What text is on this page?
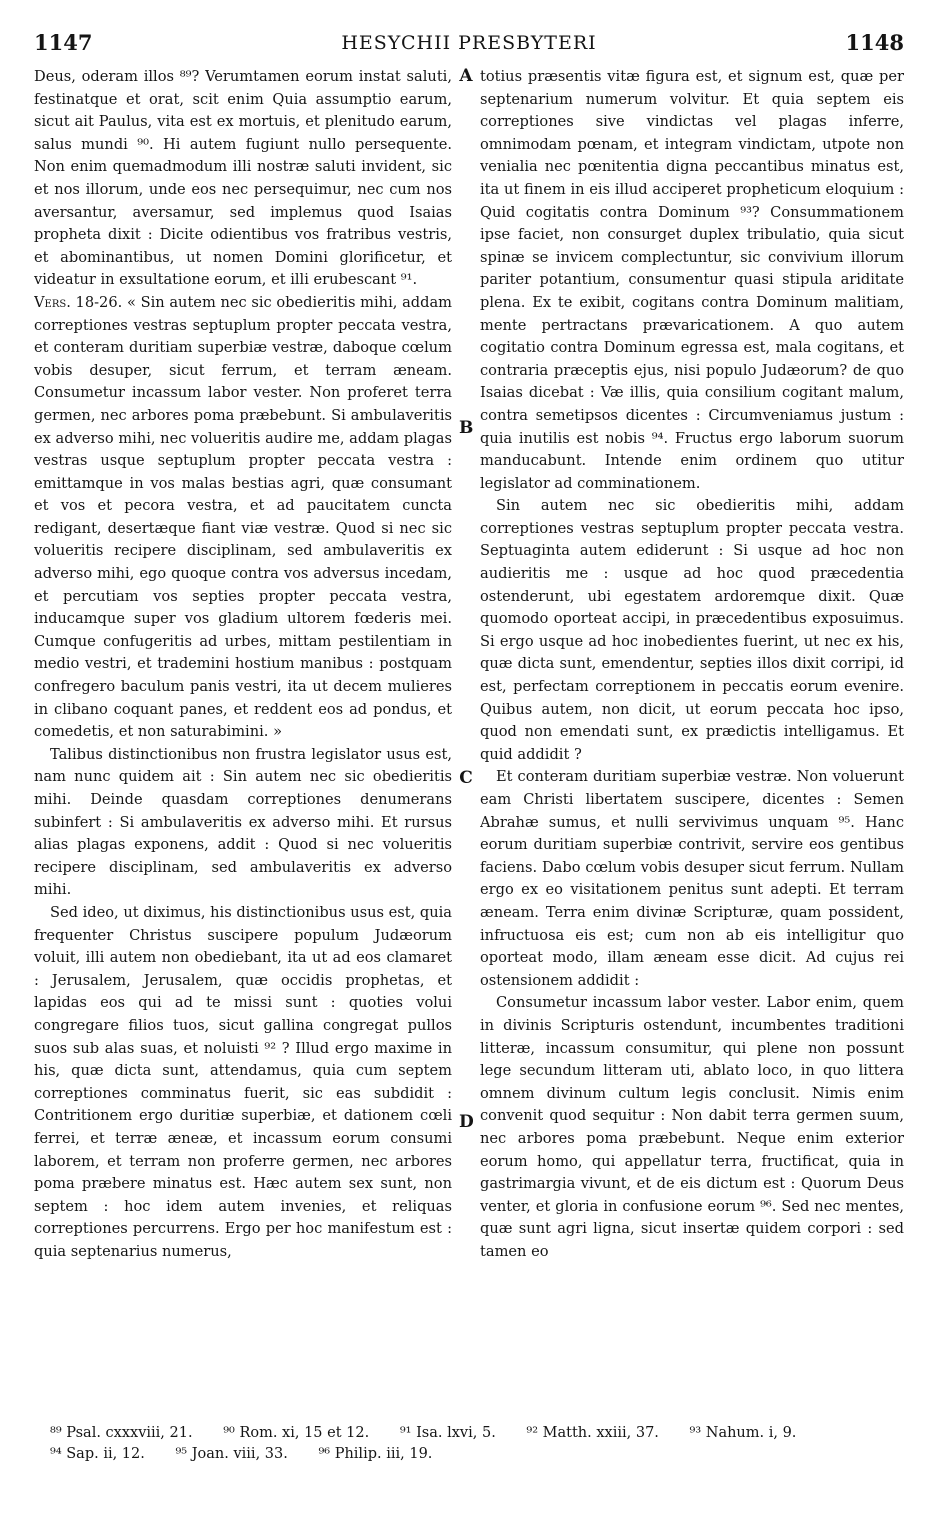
1147	HESYCHII PRESBYTERI	1148

Deus, oderam illos ⁸⁹? Verumtamen eorum instat saluti, festinatque et orat, scit enim Quia assumptio earum, sicut ait Paulus, vita est ex mortuis, et plenitudo earum, salus mundi ⁹⁰. Hi autem fugiunt nullo persequente. Non enim quemadmodum illi nostræ saluti invident, sic et nos illorum, unde eos nec persequimur, nec cum nos aversantur, aversamur, sed implemus quod Isaias propheta dixit : Dicite odientibus vos fratribus vestris, et abominantibus, ut nomen Domini glorificetur, et videatur in exsultatione eorum, et illi erubescant ⁹¹.

Vers. 18-26. « Sin autem nec sic obedieritis mihi, addam correptiones vestras septuplum propter peccata vestra, et conteram duritiam superbiæ vestræ, daboque cœlum vobis desuper, sicut ferrum, et terram æneam. Consumetur incassum labor vester. Non proferet terra germen, nec arbores poma præbebunt. Si ambulaveritis ex adverso mihi, nec volueritis audire me, addam plagas vestras usque septuplum propter peccata vestra : emittamque in vos malas bestias agri, quæ consumant et vos et pecora vestra, et ad paucitatem cuncta redigant, desertæque fiant viæ vestræ. Quod si nec sic volueritis recipere disciplinam, sed ambulaveritis ex adverso mihi, ego quoque contra vos adversus incedam, et percutiam vos septies propter peccata vestra, inducamque super vos gladium ultorem fœderis mei. Cumque confugeritis ad urbes, mittam pestilentiam in medio vestri, et trademini hostium manibus : postquam confregero baculum panis vestri, ita ut decem mulieres in clibano coquant panes, et reddent eos ad pondus, et comedetis, et non saturabimini. »

Talibus distinctionibus non frustra legislator usus est, nam nunc quidem ait : Sin autem nec sic obedieritis mihi. Deinde quasdam correptiones denumerans subinfert : Si ambulaveritis ex adverso mihi. Et rursus alias plagas exponens, addit : Quod si nec volueritis recipere disciplinam, sed ambulaveritis ex adverso mihi.

Sed ideo, ut diximus, his distinctionibus usus est, quia frequenter Christus suscipere populum Judæorum voluit, illi autem non obediebant, ita ut ad eos clamaret : Jerusalem, Jerusalem, quæ occidis prophetas, et lapidas eos qui ad te missi sunt : quoties volui congregare filios tuos, sicut gallina congregat pullos suos sub alas suas, et noluisti ⁹² ? Illud ergo maxime in his, quæ dicta sunt, attendamus, quia cum septem correptiones comminatus fuerit, sic eas subdidit : Contritionem ergo duritiæ superbiæ, et dationem cœli ferrei, et terræ æneæ, et incassum eorum consumi laborem, et terram non proferre germen, nec arbores poma præbere minatus est. Hæc autem sex sunt, non septem : hoc idem autem invenies, et reliquas correptiones percurrens. Ergo per hoc manifestum est : quia septenarius numerus,

A
B
C
D

totius præsentis vitæ figura est, et signum est, quæ per septenarium numerum volvitur. Et quia septem eis correptiones sive vindictas vel plagas inferre, omnimodam pœnam, et integram vindictam, utpote non venialia nec pœnitentia digna peccantibus minatus est, ita ut finem in eis illud acciperet propheticum eloquium : Quid cogitatis contra Dominum ⁹³? Consummationem ipse faciet, non consurget duplex tribulatio, quia sicut spinæ se invicem complectuntur, sic convivium illorum pariter potantium, consumentur quasi stipula ariditate plena. Ex te exibit, cogitans contra Dominum malitiam, mente pertractans prævaricationem. A quo autem cogitatio contra Dominum egressa est, mala cogitans, et contraria præceptis ejus, nisi populo Judæorum? de quo Isaias dicebat : Væ illis, quia consilium cogitant malum, contra semetipsos dicentes : Circumveniamus justum : quia inutilis est nobis ⁹⁴. Fructus ergo laborum suorum manducabunt. Intende enim ordinem quo utitur legislator ad comminationem.

Sin autem nec sic obedieritis mihi, addam correptiones vestras septuplum propter peccata vestra. Septuaginta autem ediderunt : Si usque ad hoc non audieritis me : usque ad hoc quod præcedentia ostenderunt, ubi egestatem ardoremque dixit. Quæ quomodo oporteat accipi, in præcedentibus exposuimus. Si ergo usque ad hoc inobedientes fuerint, ut nec ex his, quæ dicta sunt, emendentur, septies illos dixit corripi, id est, perfectam correptionem in peccatis eorum evenire. Quibus autem, non dicit, ut eorum peccata hoc ipso, quod non emendati sunt, ex prædictis intelligamus. Et quid addidit ?

Et conteram duritiam superbiæ vestræ. Non voluerunt eam Christi libertatem suscipere, dicentes : Semen Abrahæ sumus, et nulli servivimus unquam ⁹⁵. Hanc eorum duritiam superbiæ contrivit, servire eos gentibus faciens. Dabo cœlum vobis desuper sicut ferrum. Nullam ergo ex eo visitationem penitus sunt adepti. Et terram æneam. Terra enim divinæ Scripturæ, quam possident, infructuosa eis est; cum non ab eis intelligitur quo oporteat modo, illam æneam esse dicit. Ad cujus rei ostensionem addidit :

Consumetur incassum labor vester. Labor enim, quem in divinis Scripturis ostendunt, incumbentes traditioni litteræ, incassum consumitur, qui plene non possunt lege secundum litteram uti, ablato loco, in quo littera omnem divinum cultum legis conclusit. Nimis enim convenit quod sequitur : Non dabit terra germen suum, nec arbores poma præbebunt. Neque enim exterior eorum homo, qui appellatur terra, fructificat, quia in gastrimargia vivunt, et de eis dictum est : Quorum Deus venter, et gloria in confusione eorum ⁹⁶. Sed nec mentes, quæ sunt agri ligna, sicut insertæ quidem corpori : sed tamen eo

⁸⁹ Psal. cxxxviii, 21. ⁹⁰ Rom. xi, 15 et 12. ⁹¹ Isa. lxvi, 5. ⁹² Matth. xxiii, 37. ⁹³ Nahum. i, 9.
⁹⁴ Sap. ii, 12. ⁹⁵ Joan. viii, 33. ⁹⁶ Philip. iii, 19.
